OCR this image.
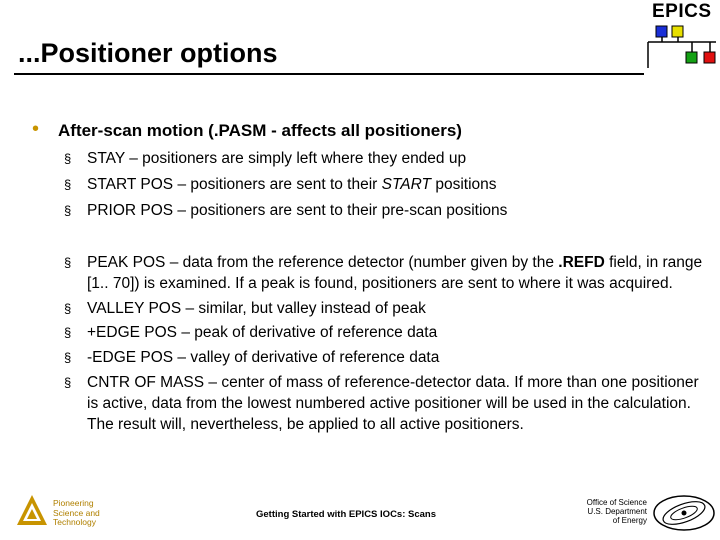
...Positioner options
EPICS
•	After-scan motion (.PASM - affects all positioners)
§ STAY – positioners are simply left where they ended up
§ START POS – positioners are sent to their START positions
§ PRIOR POS – positioners are sent to their pre-scan positions
§ PEAK POS – data from the reference detector (number given by the .REFD field, in range [1.. 70]) is examined. If a peak is found, positioners are sent to where it was acquired.
§ VALLEY POS – similar, but valley instead of peak
§ +EDGE POS – peak of derivative of reference data
§ -EDGE POS – valley of derivative of reference data
§ CNTR OF MASS – center of mass of reference-detector data. If more than one positioner is active, data from the lowest numbered active positioner will be used in the calculation. The result will, nevertheless, be applied to all active positioners.
Pioneering
Science and
Technology
Getting Started with EPICS IOCs: Scans
Office of Science
U.S. Department
of Energy
